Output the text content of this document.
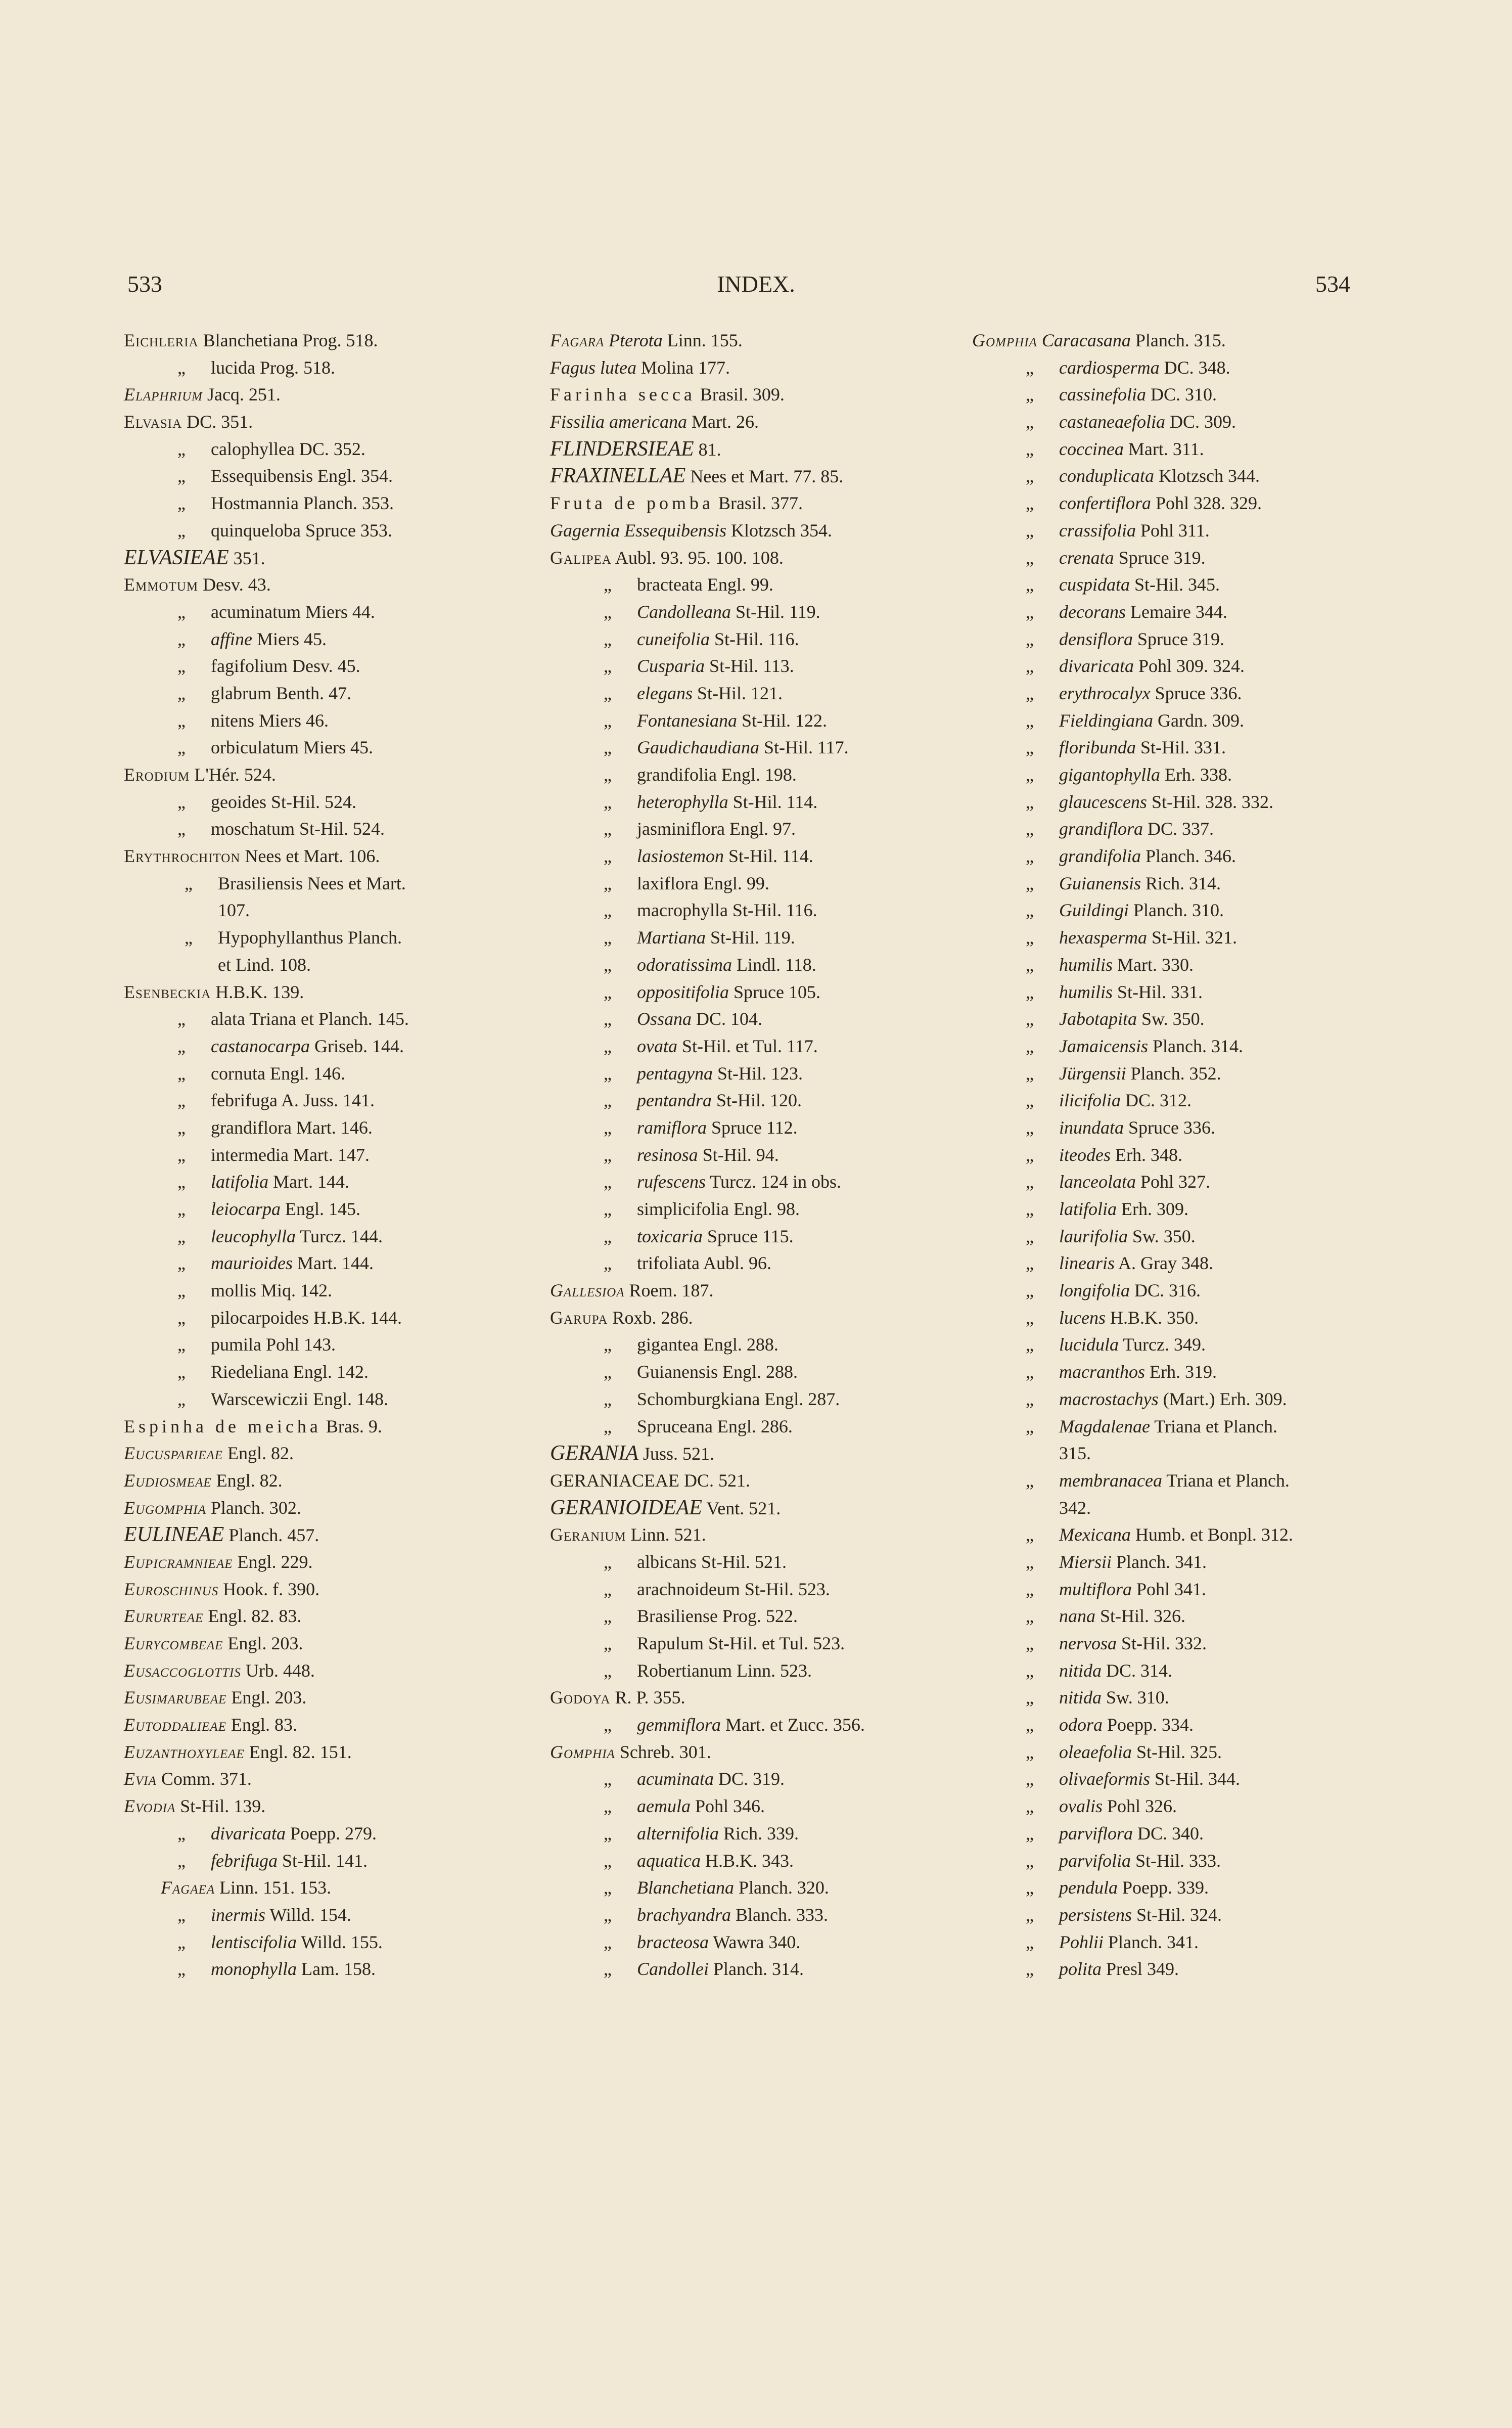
533	INDEX.	534
Eichleria Blanchetiana Prog. 518.
„ lucida Prog. 518.
Elaphrium Jacq. 251.
Elvasia DC. 351.
„ calophyllea DC. 352.
„ Essequibensis Engl. 354.
„ Hostmannia Planch. 353.
„ quinqueloba Spruce 353.
ELVASIEAE 351.
Emmotum Desv. 43.
„ acuminatum Miers 44.
„ affine Miers 45.
„ fagifolium Desv. 45.
„ glabrum Benth. 47.
„ nitens Miers 46.
„ orbiculatum Miers 45.
Erodium L'Hér. 524.
„ geoides St-Hil. 524.
„ moschatum St-Hil. 524.
Erythrochiton Nees et Mart. 106.
„ Brasiliensis Nees et Mart.
107.
„ Hypophyllanthus Planch.
et Lind. 108.
Esenbeckia H.B.K. 139.
„ alata Triana et Planch. 145.
„ castanocarpa Griseb. 144.
„ cornuta Engl. 146.
„ febrifuga A. Juss. 141.
„ grandiflora Mart. 146.
„ intermedia Mart. 147.
„ latifolia Mart. 144.
„ leiocarpa Engl. 145.
„ leucophylla Turcz. 144.
„ maurioides Mart. 144.
„ mollis Miq. 142.
„ pilocarpoides H.B.K. 144.
„ pumila Pohl 143.
„ Riedeliana Engl. 142.
„ Warscewiczii Engl. 148.
Espinha de meicha Bras. 9.
Eucusparieae Engl. 82.
Eudiosmeae Engl. 82.
Eugomphia Planch. 302.
EULINEAE Planch. 457.
Eupicramnieae Engl. 229.
Euroschinus Hook. f. 390.
Eururteae Engl. 82. 83.
Eurycombeae Engl. 203.
Eusaccoglottis Urb. 448.
Eusimarubeae Engl. 203.
Eutoddalieae Engl. 83.
Euzanthoxyleae Engl. 82. 151.
Evia Comm. 371.
Evodia St-Hil. 139.
„ divaricata Poepp. 279.
„ febrifuga St-Hil. 141.
Fagaea Linn. 151. 153.
„ inermis Willd. 154.
„ lentiscifolia Willd. 155.
„ monophylla Lam. 158.
Fagara Pterota Linn. 155.
Fagus lutea Molina 177.
Farinha secca Brasil. 309.
Fissilia americana Mart. 26.
FLINDERSIEAE 81.
FRAXINELLAE Nees et Mart. 77. 85.
Fruta de pomba Brasil. 377.
Gagernia Essequibensis Klotzsch 354.
Galipea Aubl. 93. 95. 100. 108.
„ bracteata Engl. 99.
„ Candolleana St-Hil. 119.
„ cuneifolia St-Hil. 116.
„ Cusparia St-Hil. 113.
„ elegans St-Hil. 121.
„ Fontanesiana St-Hil. 122.
„ Gaudichaudiana St-Hil. 117.
„ grandifolia Engl. 198.
„ heterophylla St-Hil. 114.
„ jasminiflora Engl. 97.
„ lasiostemon St-Hil. 114.
„ laxiflora Engl. 99.
„ macrophylla St-Hil. 116.
„ Martiana St-Hil. 119.
„ odoratissima Lindl. 118.
„ oppositifolia Spruce 105.
„ Ossana DC. 104.
„ ovata St-Hil. et Tul. 117.
„ pentagyna St-Hil. 123.
„ pentandra St-Hil. 120.
„ ramiflora Spruce 112.
„ resinosa St-Hil. 94.
„ rufescens Turcz. 124 in obs.
„ simplicifolia Engl. 98.
„ toxicaria Spruce 115.
„ trifoliata Aubl. 96.
Gallesioa Roem. 187.
Garupa Roxb. 286.
„ gigantea Engl. 288.
„ Guianensis Engl. 288.
„ Schomburgkiana Engl. 287.
„ Spruceana Engl. 286.
GERANIA Juss. 521.
GERANIACEAE DC. 521.
GERANIOIDEAE Vent. 521.
Geranium Linn. 521.
„ albicans St-Hil. 521.
„ arachnoideum St-Hil. 523.
„ Brasiliense Prog. 522.
„ Rapulum St-Hil. et Tul. 523.
„ Robertianum Linn. 523.
Godoya R. P. 355.
„ gemmiflora Mart. et Zucc. 356.
Gomphia Schreb. 301.
„ acuminata DC. 319.
„ aemula Pohl 346.
„ alternifolia Rich. 339.
„ aquatica H.B.K. 343.
„ Blanchetiana Planch. 320.
„ brachyandra Blanch. 333.
„ bracteosa Wawra 340.
„ Candollei Planch. 314.
Gomphia Caracasana Planch. 315.
„ cardiosperma DC. 348.
„ cassinefolia DC. 310.
„ castaneaefolia DC. 309.
„ coccinea Mart. 311.
„ conduplicata Klotzsch 344.
„ confertiflora Pohl 328. 329.
„ crassifolia Pohl 311.
„ crenata Spruce 319.
„ cuspidata St-Hil. 345.
„ decorans Lemaire 344.
„ densiflora Spruce 319.
„ divaricata Pohl 309. 324.
„ erythrocalyx Spruce 336.
„ Fieldingiana Gardn. 309.
„ floribunda St-Hil. 331.
„ gigantophylla Erh. 338.
„ glaucescens St-Hil. 328. 332.
„ grandiflora DC. 337.
„ grandifolia Planch. 346.
„ Guianensis Rich. 314.
„ Guildingi Planch. 310.
„ hexasperma St-Hil. 321.
„ humilis Mart. 330.
„ humilis St-Hil. 331.
„ Jabotapita Sw. 350.
„ Jamaicensis Planch. 314.
„ Jürgensii Planch. 352.
„ ilicifolia DC. 312.
„ inundata Spruce 336.
„ iteodes Erh. 348.
„ lanceolata Pohl 327.
„ latifolia Erh. 309.
„ laurifolia Sw. 350.
„ linearis A. Gray 348.
„ longifolia DC. 316.
„ lucens H.B.K. 350.
„ lucidula Turcz. 349.
„ macranthos Erh. 319.
„ macrostachys (Mart.) Erh. 309.
„ Magdalenae Triana et Planch.
315.
„ membranacea Triana et Planch.
342.
„ Mexicana Humb. et Bonpl. 312.
„ Miersii Planch. 341.
„ multiflora Pohl 341.
„ nana St-Hil. 326.
„ nervosa St-Hil. 332.
„ nitida DC. 314.
„ nitida Sw. 310.
„ odora Poepp. 334.
„ oleaefolia St-Hil. 325.
„ olivaeformis St-Hil. 344.
„ ovalis Pohl 326.
„ parviflora DC. 340.
„ parvifolia St-Hil. 333.
„ pendula Poepp. 339.
„ persistens St-Hil. 324.
„ Pohlii Planch. 341.
„ polita Presl 349.
